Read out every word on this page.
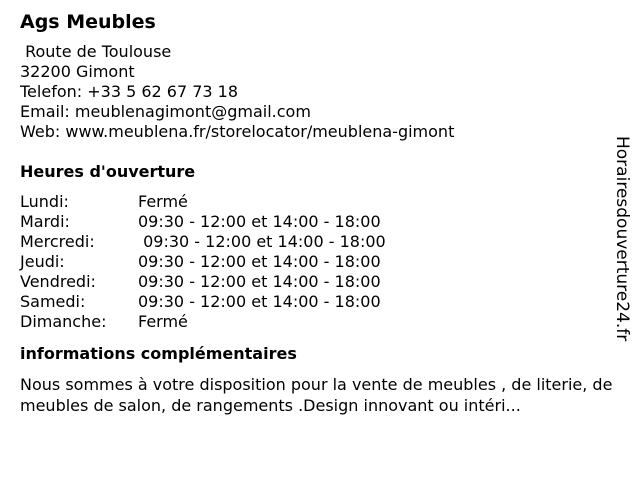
Ags Meubles
Route de Toulouse
32200 Gimont
Telefon: +33 5 62 67 73 18
Email: meublenagimont@gmail.com
Web: www.meublena.fr/storelocator/meublena-gimont
Heures d'ouverture
Lundi:	Fermé
Mardi:	09:30 - 12:00 et 14:00 - 18:00
Mercredi:	09:30 - 12:00 et 14:00 - 18:00
Jeudi:	09:30 - 12:00 et 14:00 - 18:00
Vendredi:	09:30 - 12:00 et 14:00 - 18:00
Samedi:	09:30 - 12:00 et 14:00 - 18:00
Dimanche:	Fermé
informations complémentaires
Nous sommes à votre disposition pour la vente de meubles , de literie, de meubles de salon, de rangements .Design innovant ou intéri...
Horairesdouverture24.fr
